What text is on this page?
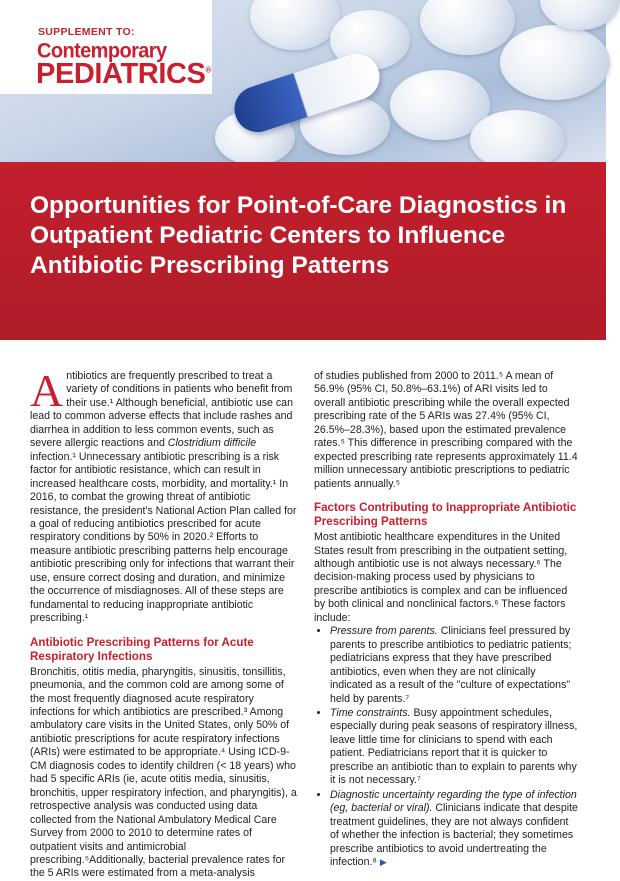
SUPPLEMENT TO:
Contemporary
PEDIATRICS®
Opportunities for Point-of-Care Diagnostics in Outpatient Pediatric Centers to Influence Antibiotic Prescribing Patterns

Antibiotics are frequently prescribed to treat a variety of conditions in patients who benefit from their use.¹ Although beneficial, antibiotic use can lead to common adverse effects that include rashes and diarrhea in addition to less common events, such as severe allergic reactions and Clostridium difficile infection.¹ Unnecessary antibiotic prescribing is a risk factor for antibiotic resistance, which can result in increased healthcare costs, morbidity, and mortality.¹ In 2016, to combat the growing threat of antibiotic resistance, the president's National Action Plan called for a goal of reducing antibiotics prescribed for acute respiratory conditions by 50% in 2020.² Efforts to measure antibiotic prescribing patterns help encourage antibiotic prescribing only for infections that warrant their use, ensure correct dosing and duration, and minimize the occurrence of misdiagnoses. All of these steps are fundamental to reducing inappropriate antibiotic prescribing.¹

Antibiotic Prescribing Patterns for Acute Respiratory Infections

Bronchitis, otitis media, pharyngitis, sinusitis, tonsillitis, pneumonia, and the common cold are among some of the most frequently diagnosed acute respiratory infections for which antibiotics are prescribed.³ Among ambulatory care visits in the United States, only 50% of antibiotic prescriptions for acute respiratory infections (ARIs) were estimated to be appropriate.⁴ Using ICD-9-CM diagnosis codes to identify children (< 18 years) who had 5 specific ARIs (ie, acute otitis media, sinusitis, bronchitis, upper respiratory infection, and pharyngitis), a retrospective analysis was conducted using data collected from the National Ambulatory Medical Care Survey from 2000 to 2010 to determine rates of outpatient visits and antimicrobial prescribing.⁵Additionally, bacterial prevalence rates for the 5 ARIs were estimated from a meta-analysis

of studies published from 2000 to 2011.⁵ A mean of 56.9% (95% CI, 50.8%–63.1%) of ARI visits led to overall antibiotic prescribing while the overall expected prescribing rate of the 5 ARIs was 27.4% (95% CI, 26.5%–28.3%), based upon the estimated prevalence rates.⁵ This difference in prescribing compared with the expected prescribing rate represents approximately 11.4 million unnecessary antibiotic prescriptions to pediatric patients annually.⁵

Factors Contributing to Inappropriate Antibiotic Prescribing Patterns

Most antibiotic healthcare expenditures in the United States result from prescribing in the outpatient setting, although antibiotic use is not always necessary.⁶ The decision-making process used by physicians to prescribe antibiotics is complex and can be influenced by both clinical and nonclinical factors.⁶ These factors include:

• Pressure from parents. Clinicians feel pressured by parents to prescribe antibiotics to pediatric patients; pediatricians express that they have prescribed antibiotics, even when they are not clinically indicated as a result of the "culture of expectations" held by parents.⁷
• Time constraints. Busy appointment schedules, especially during peak seasons of respiratory illness, leave little time for clinicians to spend with each patient. Pediatricians report that it is quicker to prescribe an antibiotic than to explain to parents why it is not necessary.⁷
• Diagnostic uncertainty regarding the type of infection (eg, bacterial or viral). Clinicians indicate that despite treatment guidelines, they are not always confident of whether the infection is bacterial; they sometimes prescribe antibiotics to avoid undertreating the infection.⁸ ▶
